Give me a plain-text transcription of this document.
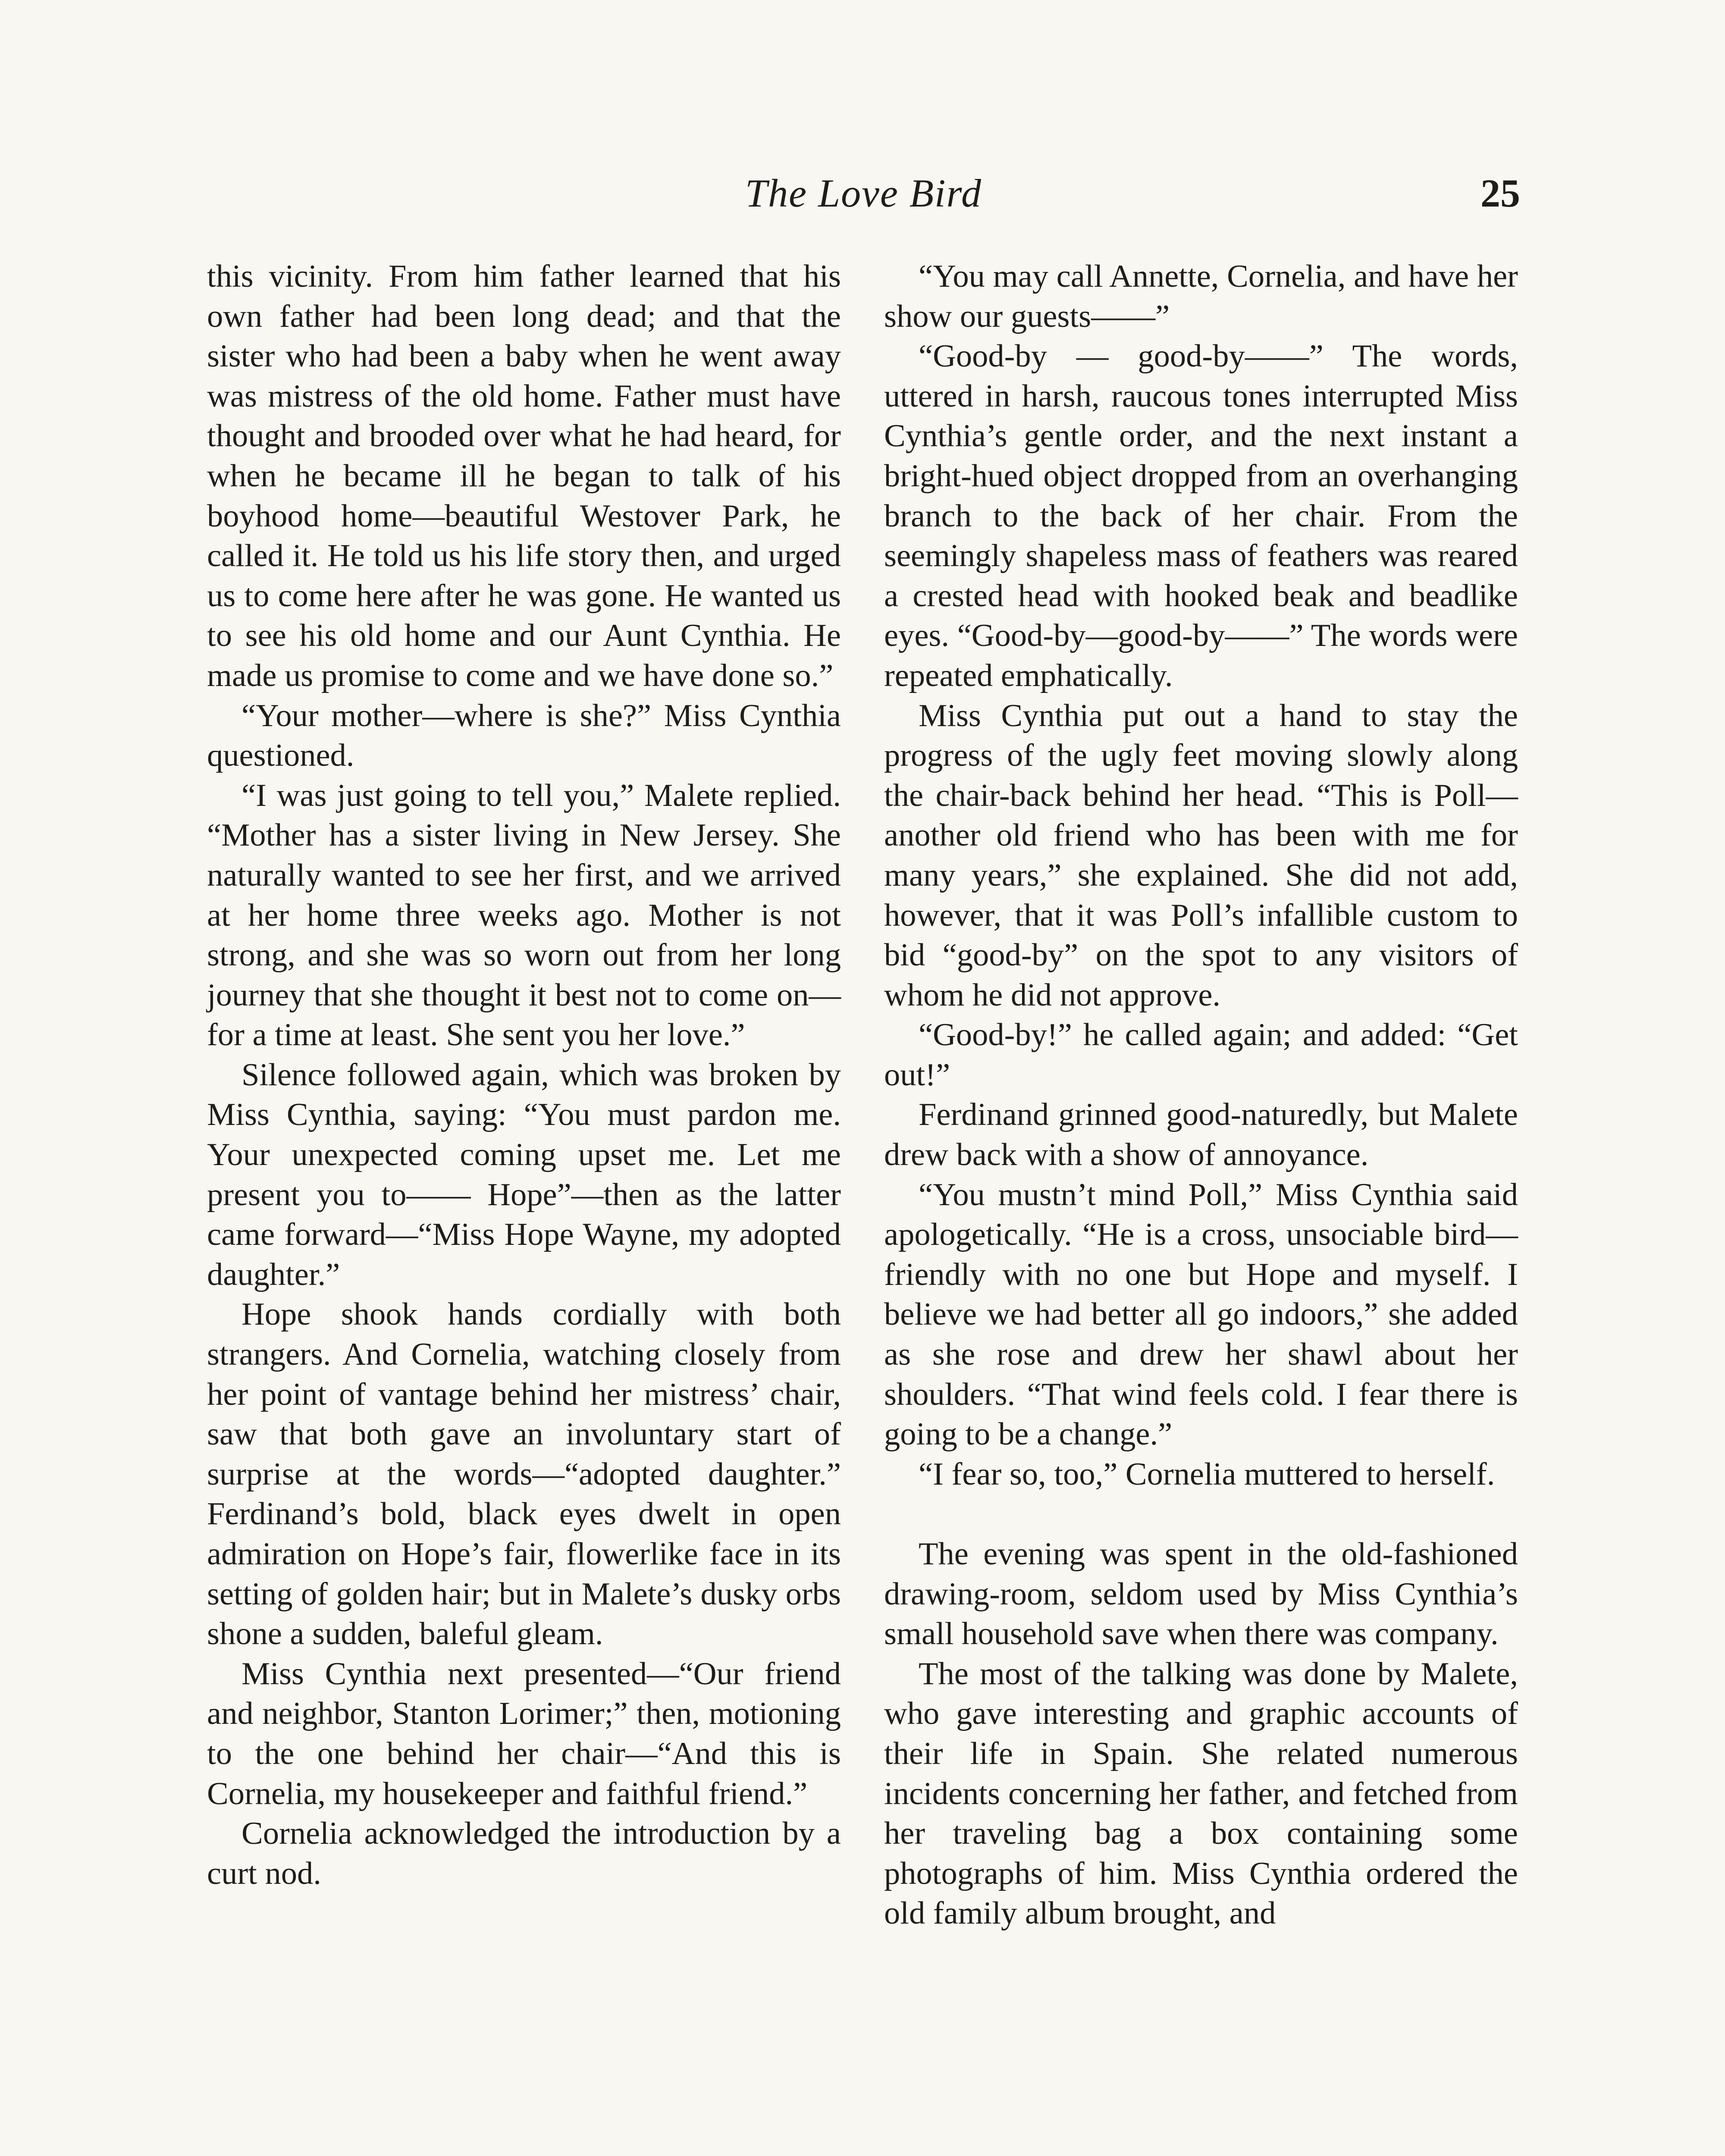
The Love Bird	25

this vicinity. From him father learned that his own father had been long dead; and that the sister who had been a baby when he went away was mistress of the old home. Father must have thought and brooded over what he had heard, for when he became ill he began to talk of his boyhood home—beautiful Westover Park, he called it. He told us his life story then, and urged us to come here after he was gone. He wanted us to see his old home and our Aunt Cynthia. He made us promise to come and we have done so.”

“Your mother—where is she?” Miss Cynthia questioned.

“I was just going to tell you,” Malete replied. “Mother has a sister living in New Jersey. She naturally wanted to see her first, and we arrived at her home three weeks ago. Mother is not strong, and she was so worn out from her long journey that she thought it best not to come on—for a time at least. She sent you her love.”

Silence followed again, which was broken by Miss Cynthia, saying: “You must pardon me. Your unexpected coming upset me. Let me present you to—— Hope”—then as the latter came forward—“Miss Hope Wayne, my adopted daughter.”

Hope shook hands cordially with both strangers. And Cornelia, watching closely from her point of vantage behind her mistress’ chair, saw that both gave an involuntary start of surprise at the words—“adopted daughter.” Ferdinand’s bold, black eyes dwelt in open admiration on Hope’s fair, flowerlike face in its setting of golden hair; but in Malete’s dusky orbs shone a sudden, baleful gleam.

Miss Cynthia next presented—“Our friend and neighbor, Stanton Lorimer;” then, motioning to the one behind her chair—“And this is Cornelia, my housekeeper and faithful friend.”

Cornelia acknowledged the introduction by a curt nod.

“You may call Annette, Cornelia, and have her show our guests——”

“Good-by — good-by——” The words, uttered in harsh, raucous tones interrupted Miss Cynthia’s gentle order, and the next instant a bright-hued object dropped from an overhanging branch to the back of her chair. From the seemingly shapeless mass of feathers was reared a crested head with hooked beak and beadlike eyes. “Good-by—good-by——” The words were repeated emphatically.

Miss Cynthia put out a hand to stay the progress of the ugly feet moving slowly along the chair-back behind her head. “This is Poll—another old friend who has been with me for many years,” she explained. She did not add, however, that it was Poll’s infallible custom to bid “good-by” on the spot to any visitors of whom he did not approve.

“Good-by!” he called again; and added: “Get out!”

Ferdinand grinned good-naturedly, but Malete drew back with a show of annoyance.

“You mustn’t mind Poll,” Miss Cynthia said apologetically. “He is a cross, unsociable bird—friendly with no one but Hope and myself. I believe we had better all go indoors,” she added as she rose and drew her shawl about her shoulders. “That wind feels cold. I fear there is going to be a change.”

“I fear so, too,” Cornelia muttered to herself.

The evening was spent in the old-fashioned drawing-room, seldom used by Miss Cynthia’s small household save when there was company.

The most of the talking was done by Malete, who gave interesting and graphic accounts of their life in Spain. She related numerous incidents concerning her father, and fetched from her traveling bag a box containing some photographs of him. Miss Cynthia ordered the old family album brought, and
